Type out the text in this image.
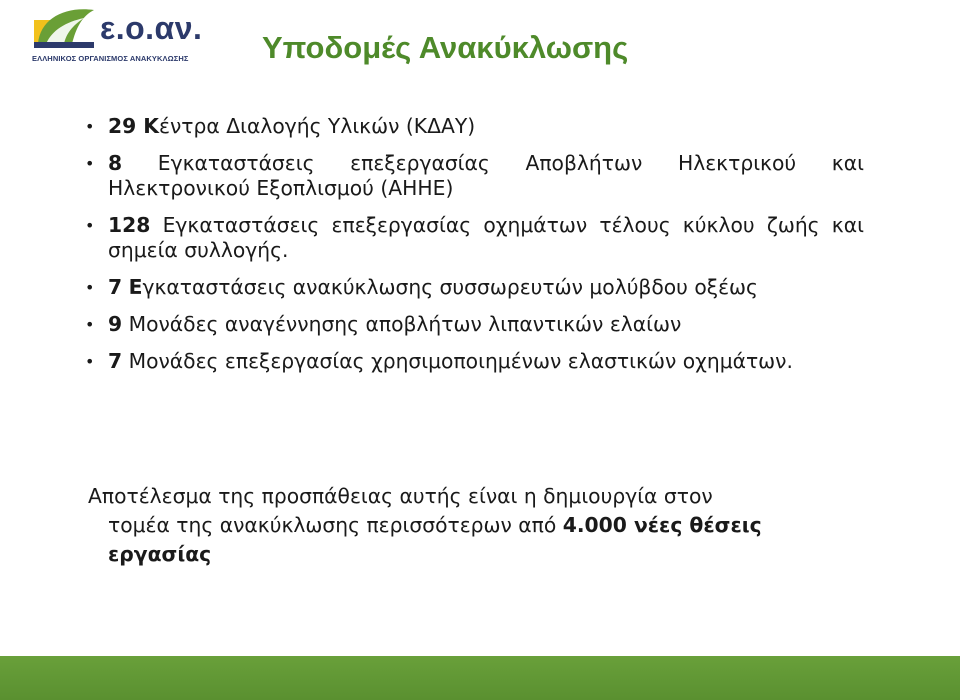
ε.ο.αν.
ΕΛΛΗΝΙΚΟΣ ΟΡΓΑΝΙΣΜΟΣ ΑΝΑΚΥΚΛΩΣΗΣ Υποδομές Ανακύκλωσης
• 29 Κέντρα Διαλογής Υλικών (ΚΔΑΥ)
• 8 Εγκαταστάσεις επεξεργασίας Αποβλήτων Ηλεκτρικού και Ηλεκτρονικού Εξοπλισμού (ΑΗΗΕ)
• 128 Εγκαταστάσεις επεξεργασίας οχημάτων τέλους κύκλου ζωής και σημεία συλλογής.
• 7 Εγκαταστάσεις ανακύκλωσης συσσωρευτών μολύβδου οξέως
• 9 Μονάδες αναγέννησης αποβλήτων λιπαντικών ελαίων
• 7 Μονάδες επεξεργασίας χρησιμοποιημένων ελαστικών οχημάτων.

Αποτέλεσμα της προσπάθειας αυτής είναι η δημιουργία στον
τομέα της ανακύκλωσης περισσότερων από 4.000 νέες θέσεις
εργασίας
